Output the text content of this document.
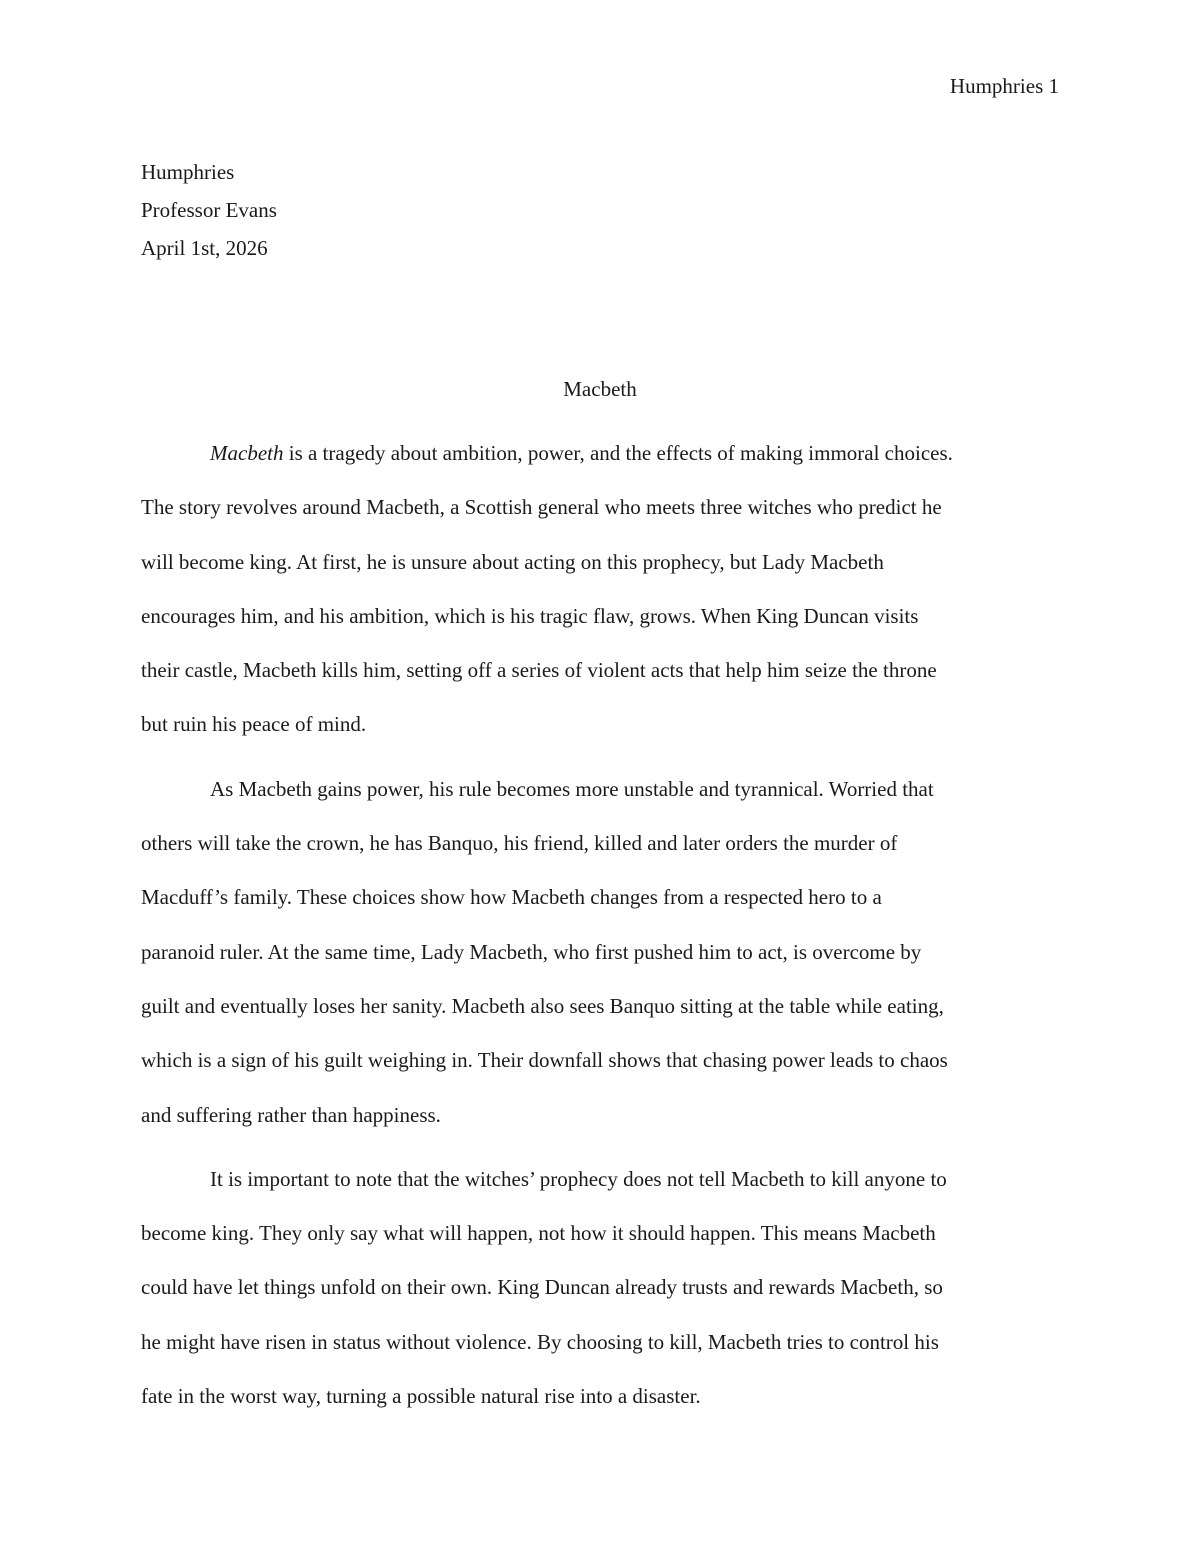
Humphries 1
Humphries
Professor Evans
April 1st, 2026
Macbeth
Macbeth is a tragedy about ambition, power, and the effects of making immoral choices.
The story revolves around Macbeth, a Scottish general who meets three witches who predict he
will become king. At first, he is unsure about acting on this prophecy, but Lady Macbeth
encourages him, and his ambition, which is his tragic flaw, grows. When King Duncan visits
their castle, Macbeth kills him, setting off a series of violent acts that help him seize the throne
but ruin his peace of mind.
As Macbeth gains power, his rule becomes more unstable and tyrannical. Worried that
others will take the crown, he has Banquo, his friend, killed and later orders the murder of
Macduff’s family. These choices show how Macbeth changes from a respected hero to a
paranoid ruler. At the same time, Lady Macbeth, who first pushed him to act, is overcome by
guilt and eventually loses her sanity. Macbeth also sees Banquo sitting at the table while eating,
which is a sign of his guilt weighing in. Their downfall shows that chasing power leads to chaos
and suffering rather than happiness.
It is important to note that the witches’ prophecy does not tell Macbeth to kill anyone to
become king. They only say what will happen, not how it should happen. This means Macbeth
could have let things unfold on their own. King Duncan already trusts and rewards Macbeth, so
he might have risen in status without violence. By choosing to kill, Macbeth tries to control his
fate in the worst way, turning a possible natural rise into a disaster.
